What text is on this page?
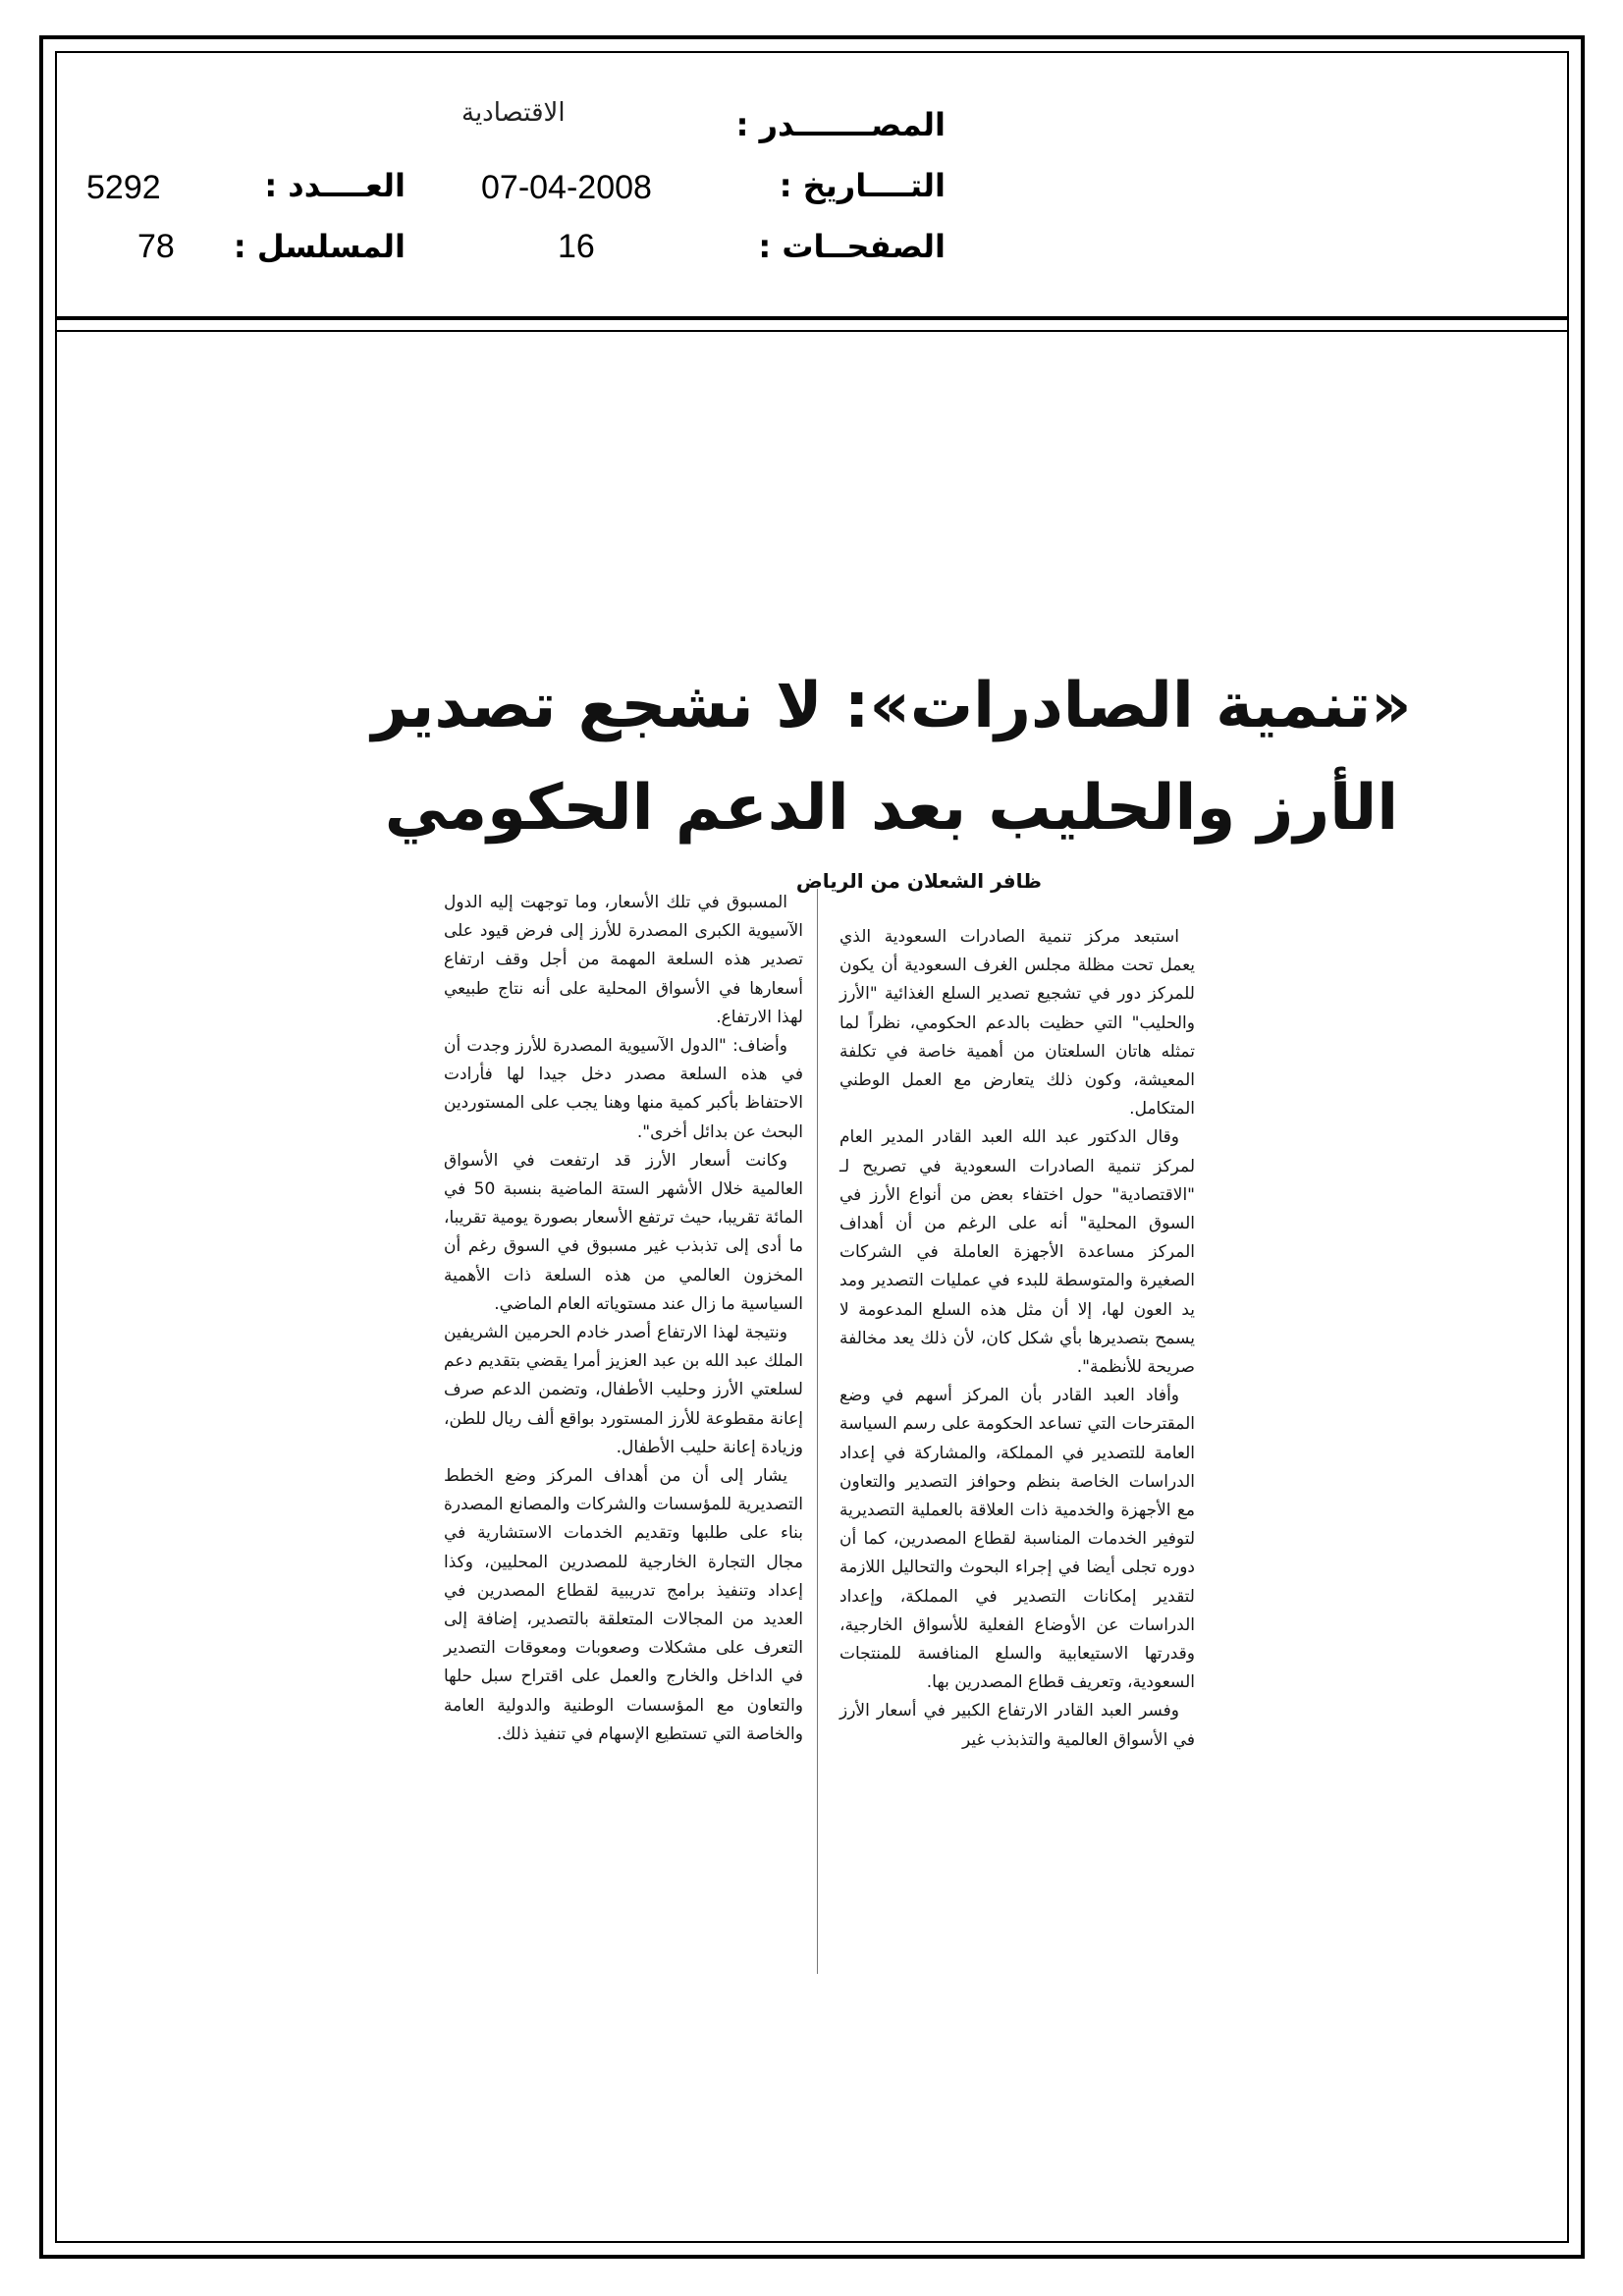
المصـــــــدر :
الاقتصادية
التــــاريخ :
07-04-2008
الصفحــات :
16
العــــدد :
5292
المسلسل :
78
«تنمية الصادرات»: لا نشجع تصدير
الأرز والحليب بعد الدعم الحكومي
ظافر الشعلان من الرياض

استبعد مركز تنمية الصادرات السعودية الذي يعمل تحت مظلة مجلس الغرف السعودية أن يكون للمركز دور في تشجيع تصدير السلع الغذائية "الأرز والحليب" التي حظيت بالدعم الحكومي، نظراً لما تمثله هاتان السلعتان من أهمية خاصة في تكلفة المعيشة، وكون ذلك يتعارض مع العمل الوطني المتكامل.

وقال الدكتور عبد الله العبد القادر المدير العام لمركز تنمية الصادرات السعودية في تصريح لـ "الاقتصادية" حول اختفاء بعض من أنواع الأرز في السوق المحلية" أنه على الرغم من أن أهداف المركز مساعدة الأجهزة العاملة في الشركات الصغيرة والمتوسطة للبدء في عمليات التصدير ومد يد العون لها، إلا أن مثل هذه السلع المدعومة لا يسمح بتصديرها بأي شكل كان، لأن ذلك يعد مخالفة صريحة للأنظمة".

وأفاد العبد القادر بأن المركز أسهم في وضع المقترحات التي تساعد الحكومة على رسم السياسة العامة للتصدير في المملكة، والمشاركة في إعداد الدراسات الخاصة بنظم وحوافز التصدير والتعاون مع الأجهزة والخدمية ذات العلاقة بالعملية التصديرية لتوفير الخدمات المناسبة لقطاع المصدرين، كما أن دوره تجلى أيضا في إجراء البحوث والتحاليل اللازمة لتقدير إمكانات التصدير في المملكة، وإعداد الدراسات عن الأوضاع الفعلية للأسواق الخارجية، وقدرتها الاستيعابية والسلع المنافسة للمنتجات السعودية، وتعريف قطاع المصدرين بها.

وفسر العبد القادر الارتفاع الكبير في أسعار الأرز في الأسواق العالمية والتذبذب غير

المسبوق في تلك الأسعار، وما توجهت إليه الدول الآسيوية الكبرى المصدرة للأرز إلى فرض قيود على تصدير هذه السلعة المهمة من أجل وقف ارتفاع أسعارها في الأسواق المحلية على أنه نتاج طبيعي لهذا الارتفاع.

وأضاف: "الدول الآسيوية المصدرة للأرز وجدت أن في هذه السلعة مصدر دخل جيدا لها فأرادت الاحتفاظ بأكبر كمية منها وهنا يجب على المستوردين البحث عن بدائل أخرى".

وكانت أسعار الأرز قد ارتفعت في الأسواق العالمية خلال الأشهر الستة الماضية بنسبة 50 في المائة تقريبا، حيث ترتفع الأسعار بصورة يومية تقريبا، ما أدى إلى تذبذب غير مسبوق في السوق رغم أن المخزون العالمي من هذه السلعة ذات الأهمية السياسية ما زال عند مستوياته العام الماضي.

ونتيجة لهذا الارتفاع أصدر خادم الحرمين الشريفين الملك عبد الله بن عبد العزيز أمرا يقضي بتقديم دعم لسلعتي الأرز وحليب الأطفال، وتضمن الدعم صرف إعانة مقطوعة للأرز المستورد بواقع ألف ريال للطن، وزيادة إعانة حليب الأطفال.

يشار إلى أن من أهداف المركز وضع الخطط التصديرية للمؤسسات والشركات والمصانع المصدرة بناء على طلبها وتقديم الخدمات الاستشارية في مجال التجارة الخارجية للمصدرين المحليين، وكذا إعداد وتنفيذ برامج تدريبية لقطاع المصدرين في العديد من المجالات المتعلقة بالتصدير، إضافة إلى التعرف على مشكلات وصعوبات ومعوقات التصدير في الداخل والخارج والعمل على اقتراح سبل حلها والتعاون مع المؤسسات الوطنية والدولية العامة والخاصة التي تستطيع الإسهام في تنفيذ ذلك.
